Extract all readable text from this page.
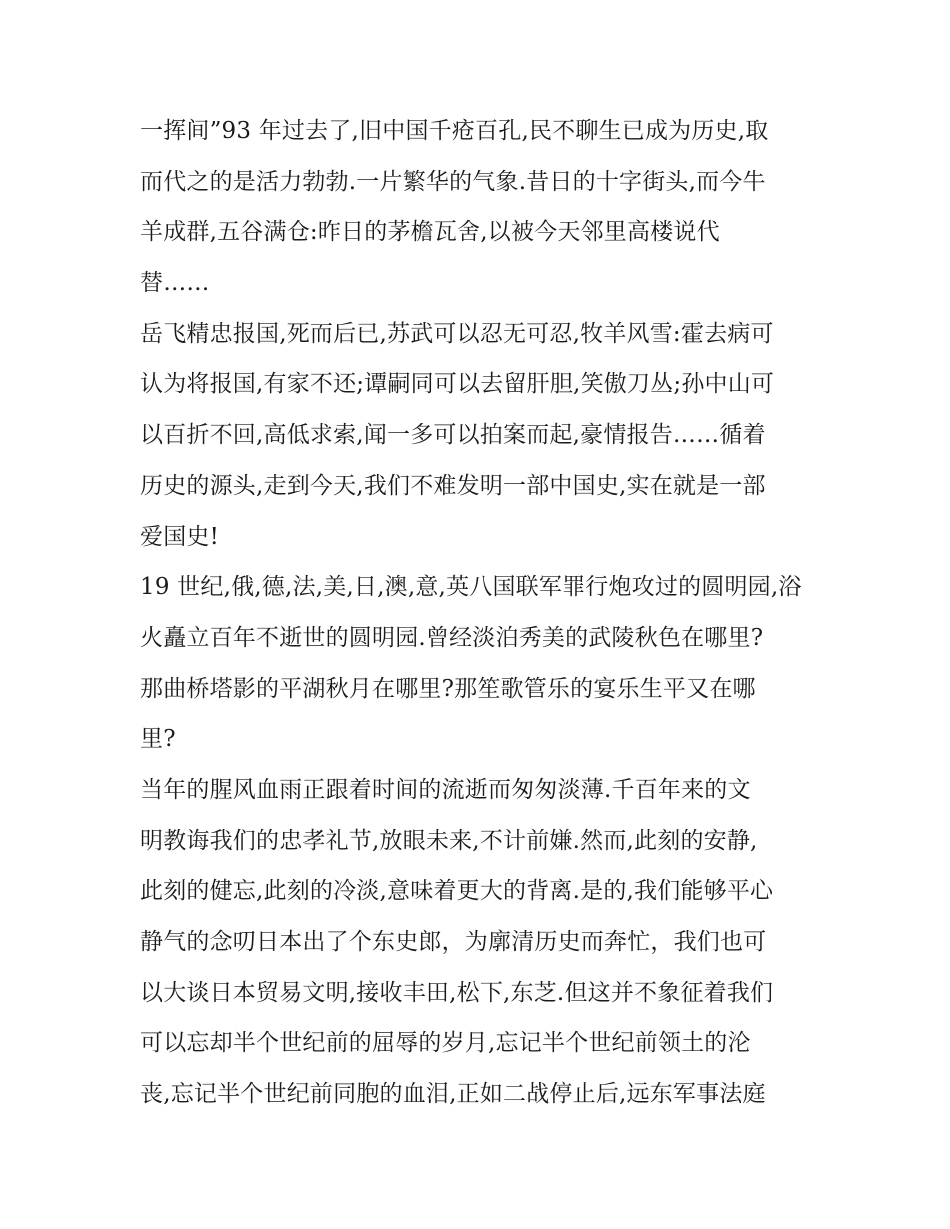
一挥间”93 年过去了,旧中国千疮百孔,民不聊生已成为历史,取
而代之的是活力勃勃.一片繁华的气象.昔日的十字街头,而今牛
羊成群,五谷满仓:昨日的茅檐瓦舍,以被今天邻里高楼说代
替……
岳飞精忠报国,死而后已,苏武可以忍无可忍,牧羊风雪:霍去病可
认为将报国,有家不还;谭嗣同可以去留肝胆,笑傲刀丛;孙中山可
以百折不回,高低求索,闻一多可以拍案而起,豪情报告……循着
历史的源头,走到今天,我们不难发明一部中国史,实在就是一部
爱国史!
19 世纪,俄,德,法,美,日,澳,意,英八国联军罪行炮攻过的圆明园,浴
火矗立百年不逝世的圆明园.曾经淡泊秀美的武陵秋色在哪里?
那曲桥塔影的平湖秋月在哪里?那笙歌管乐的宴乐生平又在哪
里?
当年的腥风血雨正跟着时间的流逝而匆匆淡薄.千百年来的文
明教诲我们的忠孝礼节,放眼未来,不计前嫌.然而,此刻的安静,
此刻的健忘,此刻的冷淡,意味着更大的背离.是的,我们能够平心
静气的念叨日本出了个东史郎，为廓清历史而奔忙，我们也可
以大谈日本贸易文明,接收丰田,松下,东芝.但这并不象征着我们
可以忘却半个世纪前的屈辱的岁月,忘记半个世纪前领土的沦
丧,忘记半个世纪前同胞的血泪,正如二战停止后,远东军事法庭
